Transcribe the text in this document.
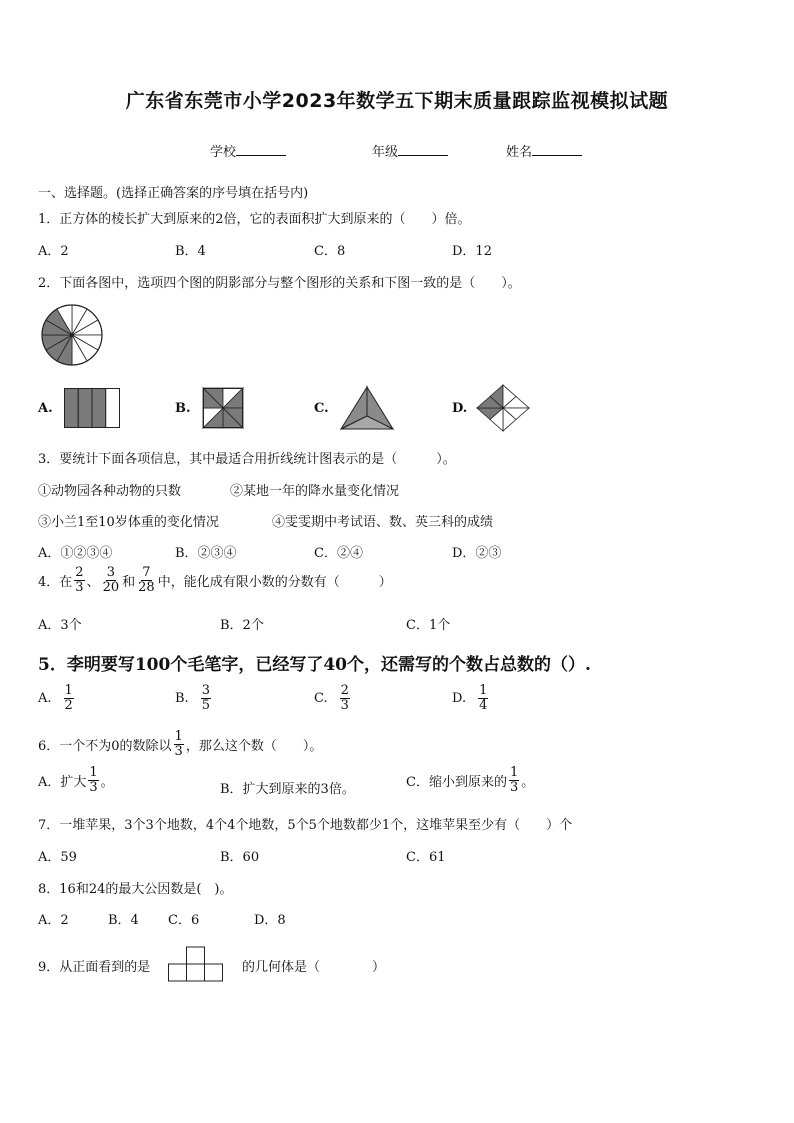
广东省东莞市小学2023年数学五下期末质量跟踪监视模拟试题
学校	年级	姓名
一、选择题。(选择正确答案的序号填在括号内)
1．正方体的棱长扩大到原来的2倍，它的表面积扩大到原来的（　　）倍。
A．2	B．4	C．8	D．12
2．下面各图中，选项四个图的阴影部分与整个图形的关系和下图一致的是（　　）。
A.	B.	C.	D.
3．要统计下面各项信息，其中最适合用折线统计图表示的是（　　　）。
①动物园各种动物的只数	②某地一年的降水量变化情况
③小兰1至10岁体重的变化情况	④雯雯期中考试语、数、英三科的成绩
A．①②③④	B．②③④	C．②④	D．②③
4．在 $\frac{2}{3}$ 、 $\frac{3}{20}$ 和 $\frac{7}{28}$ 中，能化成有限小数的分数有（　　　）
A．3个	B．2个	C．1个
5．李明要写100个毛笔字，已经写了40个，还需写的个数占总数的（）.
A. $\frac{1}{2}$	B. $\frac{3}{5}$	C. $\frac{2}{3}$	D. $\frac{1}{4}$
6．一个不为0的数除以 $\frac{1}{3}$ ，那么这个数（　　）。
A．扩大 $\frac{1}{3}$ 。	B．扩大到原来的3倍。	C．缩小到原来的 $\frac{1}{3}$ 。
7．一堆苹果，3个3个地数，4个4个地数，5个5个地数都少1个，这堆苹果至少有（　　）个
A．59	B．60	C．61
8．16和24的最大公因数是(　)。
A．2	B．4 C．6	D．8
9．从正面看到的是	的几何体是（　　　　）
